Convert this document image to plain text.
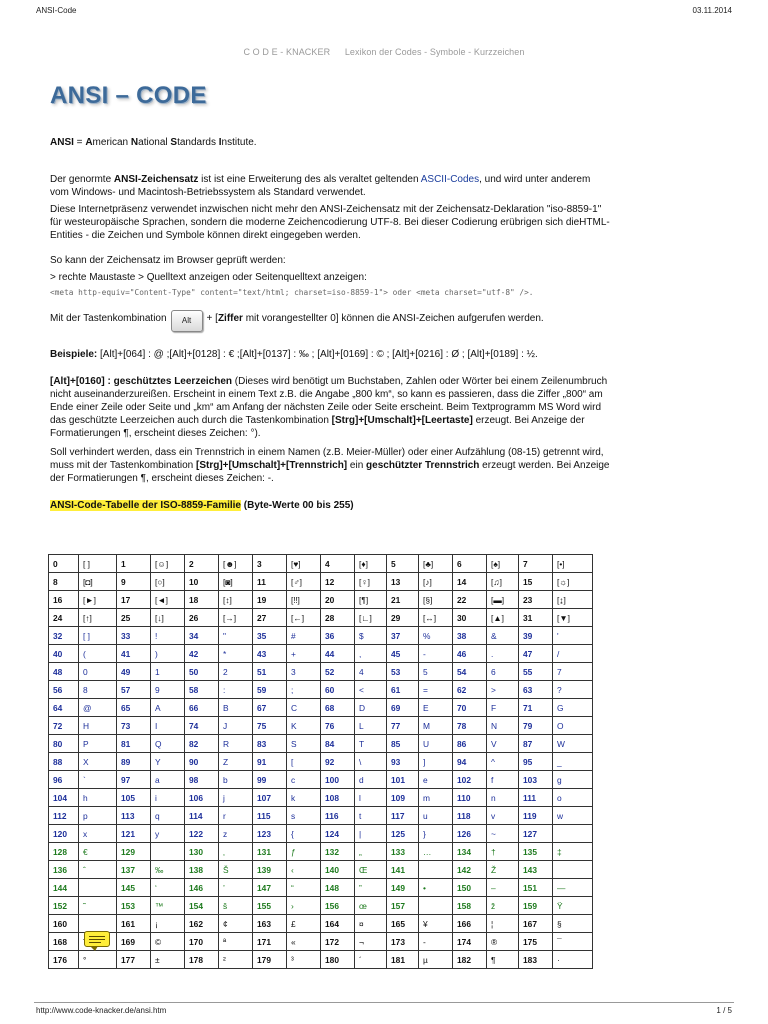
ANSI-Code	03.11.2014
C O D E - KNACKER Lexikon der Codes - Symbole - Kurzzeichen
ANSI – CODE

ANSI = American National Standards Institute.

Der genormte ANSI-Zeichensatz ist ist eine Erweiterung des als veraltet geltenden ASCII-Codes, und wird unter anderem vom Windows- und Macintosh-Betriebssystem als Standard verwendet.

Diese Internetpräsenz verwendet inzwischen nicht mehr den ANSI-Zeichensatz mit der Zeichensatz-Deklaration "iso-8859-1" für westeuropäische Sprachen, sondern die moderne Zeichencodierung UTF-8. Bei dieser Codierung erübrigen sich dieHTML-Entities - die Zeichen und Symbole können direkt eingegeben werden.

So kann der Zeichensatz im Browser geprüft werden:

> rechte Maustaste > Quelltext anzeigen oder Seitenquelltext anzeigen:

<meta http-equiv="Content-Type" content="text/html; charset=iso-8859-1"> oder <meta charset="utf-8" />.

Mit der Tastenkombination Alt + [Ziffer mit vorangestellter 0] können die ANSI-Zeichen aufgerufen werden.

Beispiele: [Alt]+[064] : @ ;[Alt]+[0128] : € ;[Alt]+[0137] : ‰ ; [Alt]+[0169] : © ; [Alt]+[0216] : Ø ; [Alt]+[0189] : ½.

[Alt]+[0160] : geschütztes Leerzeichen (Dieses wird benötigt um Buchstaben, Zahlen oder Wörter bei einem Zeilenumbruch nicht auseinanderzureißen. Erscheint in einem Text z.B. die Angabe „800 km“, so kann es passieren, dass die Ziffer „800“ am Ende einer Zeile oder Seite und „km“ am Anfang der nächsten Zeile oder Seite erscheint. Beim Textprogramm MS Word wird das geschützte Leerzeichen auch durch die Tastenkombination [Strg]+[Umschalt]+[Leertaste] erzeugt. Bei Anzeige der Formatierungen ¶, erscheint dieses Zeichen: °).

Soll verhindert werden, dass ein Trennstrich in einem Namen (z.B. Meier-Müller) oder einer Aufzählung (08-15) getrennt wird, muss mit der Tastenkombination [Strg]+[Umschalt]+[Trennstrich] ein geschützter Trennstrich erzeugt werden. Bei Anzeige der Formatierungen ¶, erscheint dieses Zeichen: -.

ANSI-Code-Tabelle der ISO-8859-Familie (Byte-Werte 00 bis 255)

0	[ ]	1	[☺]	2	[☻]	3	[♥]	4	[♦]	5	[♣]	6	[♠]	7	[•]
8	[◘]	9	[○]	10	[◙]	11	[♂]	12	[♀]	13	[♪]	14	[♫]	15	[☼]
16	[►]	17	[◄]	18	[↕]	19	[‼]	20	[¶]	21	[§]	22	[▬]	23	[↨]
24	[↑]	25	[↓]	26	[→]	27	[←]	28	[∟]	29	[↔]	30	[▲]	31	[▼]
32	[ ]	33	!	34	"	35	#	36	$	37	%	38	&	39	'
40	(	41	)	42	*	43	+	44	,	45	-	46	.	47	/
48	0	49	1	50	2	51	3	52	4	53	5	54	6	55	7
56	8	57	9	58	:	59	;	60	<	61	=	62	>	63	?
64	@	65	A	66	B	67	C	68	D	69	E	70	F	71	G
72	H	73	I	74	J	75	K	76	L	77	M	78	N	79	O
80	P	81	Q	82	R	83	S	84	T	85	U	86	V	87	W
88	X	89	Y	90	Z	91	[	92	\	93	]	94	^	95	_
96	`	97	a	98	b	99	c	100	d	101	e	102	f	103	g
104	h	105	i	106	j	107	k	108	l	109	m	110	n	111	o
112	p	113	q	114	r	115	s	116	t	117	u	118	v	119	w
120	x	121	y	122	z	123	{	124	|	125	}	126	~	127	
128	€	129		130	‚	131	ƒ	132	„	133	…	134	†	135	‡
136	ˆ	137	‰	138	Š	139	‹	140	Œ	141		142	Ž	143	
144		145	‘	146	’	147	“	148	”	149	•	150	–	151	—
152	˜	153	™	154	š	155	›	156	œ	157		158	ž	159	Ÿ
160		161	¡	162	¢	163	£	164	¤	165	¥	166	¦	167	§
168		169	©	170	ª	171	«	172	¬	173	-	174	®	175	¯
176	°	177	±	178	²	179	³	180	´	181	µ	182	¶	183	·
http://www.code-knacker.de/ansi.htm	1 / 5
